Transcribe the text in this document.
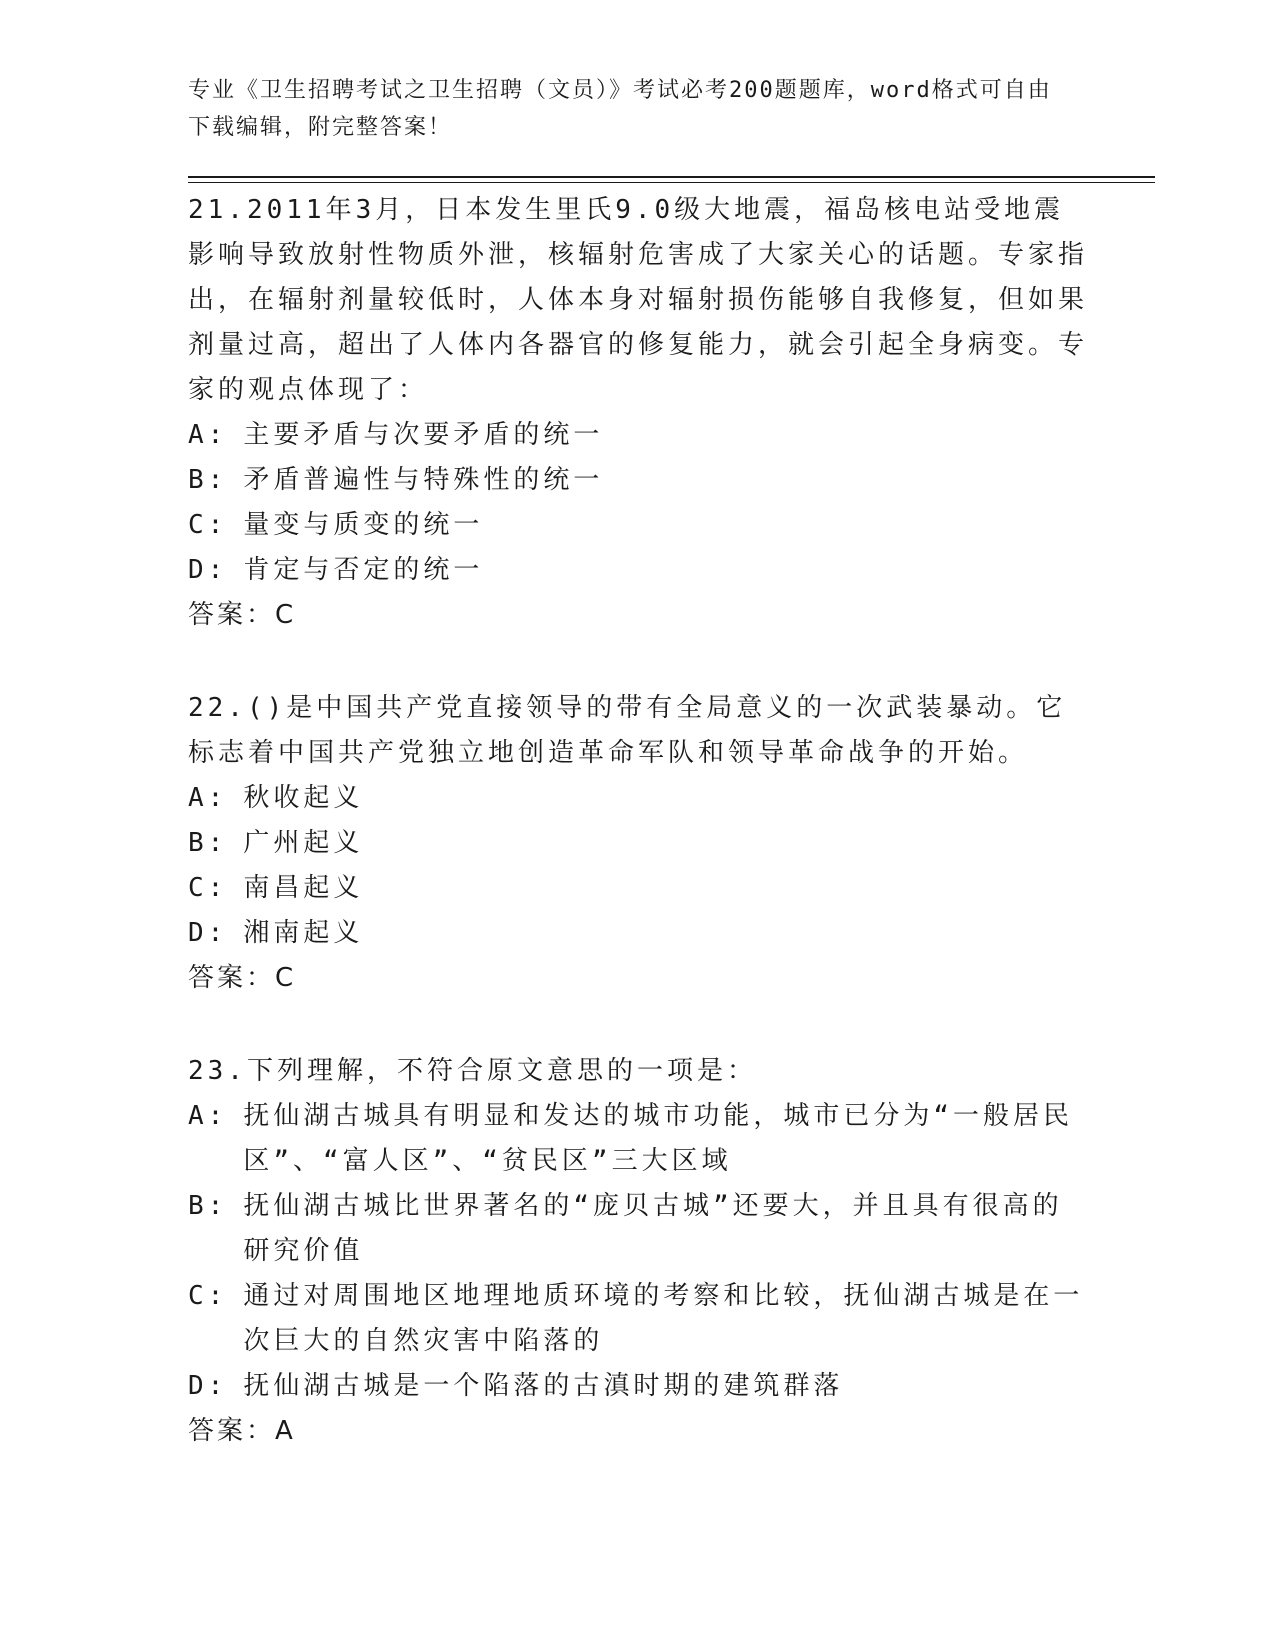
专业《卫生招聘考试之卫生招聘（文员）》考试必考200题题库，word格式可自由下载编辑，附完整答案！
21.2011年3月，日本发生里氏9.0级大地震，福岛核电站受地震影响导致放射性物质外泄，核辐射危害成了大家关心的话题。专家指出，在辐射剂量较低时，人体本身对辐射损伤能够自我修复，但如果剂量过高，超出了人体内各器官的修复能力，就会引起全身病变。专家的观点体现了：
A : 主要矛盾与次要矛盾的统一
B : 矛盾普遍性与特殊性的统一
C : 量变与质变的统一
D : 肯定与否定的统一
答案：C
22.()是中国共产党直接领导的带有全局意义的一次武装暴动。它标志着中国共产党独立地创造革命军队和领导革命战争的开始。
A : 秋收起义
B : 广州起义
C : 南昌起义
D : 湘南起义
答案：C
23.下列理解，不符合原文意思的一项是：
A : 抚仙湖古城具有明显和发达的城市功能，城市已分为“一般居民区”、“富人区”、“贫民区”三大区域
B : 抚仙湖古城比世界著名的“庞贝古城”还要大，并且具有很高的研究价值
C : 通过对周围地区地理地质环境的考察和比较，抚仙湖古城是在一次巨大的自然灾害中陷落的
D : 抚仙湖古城是一个陷落的古滇时期的建筑群落
答案：A
